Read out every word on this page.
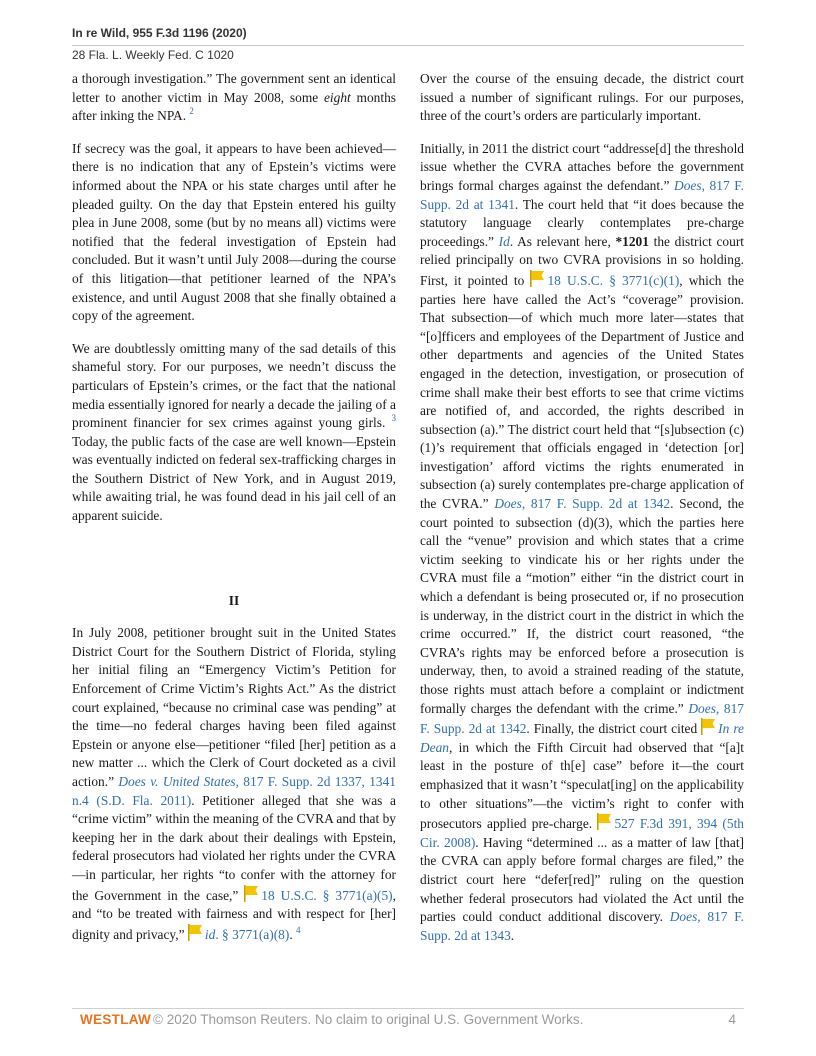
In re Wild, 955 F.3d 1196 (2020)
28 Fla. L. Weekly Fed. C 1020

a thorough investigation.” The government sent an identical letter to another victim in May 2008, some eight months after inking the NPA. $^2$

If secrecy was the goal, it appears to have been achieved—there is no indication that any of Epstein’s victims were informed about the NPA or his state charges until after he pleaded guilty. On the day that Epstein entered his guilty plea in June 2008, some (but by no means all) victims were notified that the federal investigation of Epstein had concluded. But it wasn’t until July 2008—during the course of this litigation—that petitioner learned of the NPA’s existence, and until August 2008 that she finally obtained a copy of the agreement.

We are doubtlessly omitting many of the sad details of this shameful story. For our purposes, we needn’t discuss the particulars of Epstein’s crimes, or the fact that the national media essentially ignored for nearly a decade the jailing of a prominent financier for sex crimes against young girls. $^3$ Today, the public facts of the case are well known—Epstein was eventually indicted on federal sex-trafficking charges in the Southern District of New York, and in August 2019, while awaiting trial, he was found dead in his jail cell of an apparent suicide.

II

In July 2008, petitioner brought suit in the United States District Court for the Southern District of Florida, styling her initial filing an “Emergency Victim’s Petition for Enforcement of Crime Victim’s Rights Act.” As the district court explained, “because no criminal case was pending” at the time—no federal charges having been filed against Epstein or anyone else—petitioner “filed [her] petition as a new matter ... which the Clerk of Court docketed as a civil action.” Does v. United States, 817 F. Supp. 2d 1337, 1341 n.4 (S.D. Fla. 2011). Petitioner alleged that she was a “crime victim” within the meaning of the CVRA and that by keeping her in the dark about their dealings with Epstein, federal prosecutors had violated her rights under the CVRA—in particular, her rights “to confer with the attorney for the Government in the case,” 18 U.S.C. § 3771(a)(5), and “to be treated with fairness and with respect for [her] dignity and privacy,” id. § 3771(a)(8). $^4$

Over the course of the ensuing decade, the district court issued a number of significant rulings. For our purposes, three of the court’s orders are particularly important.

Initially, in 2011 the district court “addresse[d] the threshold issue whether the CVRA attaches before the government brings formal charges against the defendant.” Does, 817 F. Supp. 2d at 1341. The court held that “it does because the statutory language clearly contemplates pre-charge proceedings.” Id. As relevant here, *1201 the district court relied principally on two CVRA provisions in so holding. First, it pointed to 18 U.S.C. § 3771(c)(1), which the parties here have called the Act’s “coverage” provision. That subsection—of which much more later—states that “[o]fficers and employees of the Department of Justice and other departments and agencies of the United States engaged in the detection, investigation, or prosecution of crime shall make their best efforts to see that crime victims are notified of, and accorded, the rights described in subsection (a).” The district court held that “[s]ubsection (c)(1)’s requirement that officials engaged in ‘detection [or] investigation’ afford victims the rights enumerated in subsection (a) surely contemplates pre-charge application of the CVRA.” Does, 817 F. Supp. 2d at 1342. Second, the court pointed to subsection (d)(3), which the parties here call the “venue” provision and which states that a crime victim seeking to vindicate his or her rights under the CVRA must file a “motion” either “in the district court in which a defendant is being prosecuted or, if no prosecution is underway, in the district court in the district in which the crime occurred.” If, the district court reasoned, “the CVRA’s rights may be enforced before a prosecution is underway, then, to avoid a strained reading of the statute, those rights must attach before a complaint or indictment formally charges the defendant with the crime.” Does, 817 F. Supp. 2d at 1342. Finally, the district court cited In re Dean, in which the Fifth Circuit had observed that “[a]t least in the posture of th[e] case” before it—the court emphasized that it wasn’t “speculat[ing] on the applicability to other situations”—the victim’s right to confer with prosecutors applied pre-charge. 527 F.3d 391, 394 (5th Cir. 2008). Having “determined ... as a matter of law [that] the CVRA can apply before formal charges are filed,” the district court here “defer[red]” ruling on the question whether federal prosecutors had violated the Act until the parties could conduct additional discovery. Does, 817 F. Supp. 2d at 1343.

WESTLAW © 2020 Thomson Reuters. No claim to original U.S. Government Works.	4
